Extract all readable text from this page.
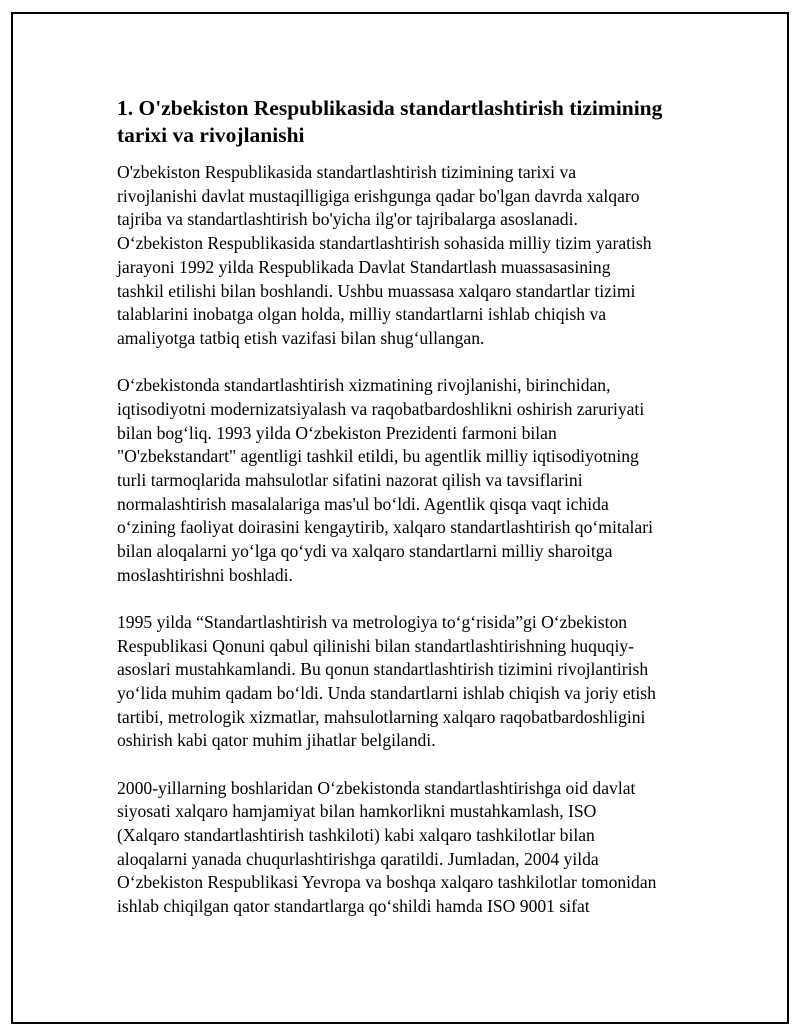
1. O'zbekiston Respublikasida standartlashtirish tizimining
tarixi va rivojlanishi

O'zbekiston Respublikasida standartlashtirish tizimining tarixi va
rivojlanishi davlat mustaqilligiga erishgunga qadar bo'lgan davrda xalqaro
tajriba va standartlashtirish bo'yicha ilg'or tajribalarga asoslanadi.
O‘zbekiston Respublikasida standartlashtirish sohasida milliy tizim yaratish
jarayoni 1992 yilda Respublikada Davlat Standartlash muassasasining
tashkil etilishi bilan boshlandi. Ushbu muassasa xalqaro standartlar tizimi
talablarini inobatga olgan holda, milliy standartlarni ishlab chiqish va
amaliyotga tatbiq etish vazifasi bilan shug‘ullangan.

O‘zbekistonda standartlashtirish xizmatining rivojlanishi, birinchidan,
iqtisodiyotni modernizatsiyalash va raqobatbardoshlikni oshirish zaruriyati
bilan bog‘liq. 1993 yilda O‘zbekiston Prezidenti farmoni bilan
"O'zbekstandart" agentligi tashkil etildi, bu agentlik milliy iqtisodiyotning
turli tarmoqlarida mahsulotlar sifatini nazorat qilish va tavsiflarini
normalashtirish masalalariga mas'ul bo‘ldi. Agentlik qisqa vaqt ichida
o‘zining faoliyat doirasini kengaytirib, xalqaro standartlashtirish qo‘mitalari
bilan aloqalarni yo‘lga qo‘ydi va xalqaro standartlarni milliy sharoitga
moslashtirishni boshladi.

1995 yilda “Standartlashtirish va metrologiya to‘g‘risida”gi O‘zbekiston
Respublikasi Qonuni qabul qilinishi bilan standartlashtirishning huquqiy-
asoslari mustahkamlandi. Bu qonun standartlashtirish tizimini rivojlantirish
yo‘lida muhim qadam bo‘ldi. Unda standartlarni ishlab chiqish va joriy etish
tartibi, metrologik xizmatlar, mahsulotlarning xalqaro raqobatbardoshligini
oshirish kabi qator muhim jihatlar belgilandi.

2000-yillarning boshlaridan O‘zbekistonda standartlashtirishga oid davlat
siyosati xalqaro hamjamiyat bilan hamkorlikni mustahkamlash, ISO
(Xalqaro standartlashtirish tashkiloti) kabi xalqaro tashkilotlar bilan
aloqalarni yanada chuqurlashtirishga qaratildi. Jumladan, 2004 yilda
O‘zbekiston Respublikasi Yevropa va boshqa xalqaro tashkilotlar tomonidan
ishlab chiqilgan qator standartlarga qo‘shildi hamda ISO 9001 sifat
